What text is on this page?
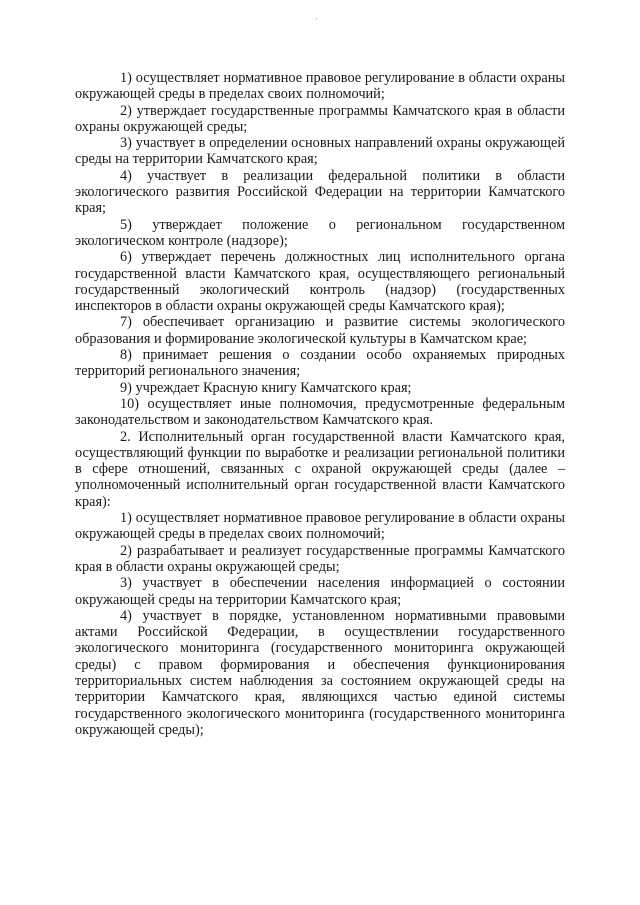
·

1) осуществляет нормативное правовое регулирование в области охраны окружающей среды в пределах своих полномочий;

2) утверждает государственные программы Камчатского края в области охраны окружающей среды;

3) участвует в определении основных направлений охраны окружающей среды на территории Камчатского края;

4) участвует в реализации федеральной политики в области экологического развития Российской Федерации на территории Камчатского края;

5) утверждает положение о региональном государственном экологическом контроле (надзоре);

6) утверждает перечень должностных лиц исполнительного органа государственной власти Камчатского края, осуществляющего региональный государственный экологический контроль (надзор) (государственных инспекторов в области охраны окружающей среды Камчатского края);

7) обеспечивает организацию и развитие системы экологического образования и формирование экологической культуры в Камчатском крае;

8) принимает решения о создании особо охраняемых природных территорий регионального значения;

9) учреждает Красную книгу Камчатского края;

10) осуществляет иные полномочия, предусмотренные федеральным законодательством и законодательством Камчатского края.

2. Исполнительный орган государственной власти Камчатского края, осуществляющий функции по выработке и реализации региональной политики в сфере отношений, связанных с охраной окружающей среды (далее – уполномоченный исполнительный орган государственной власти Камчатского края):

1) осуществляет нормативное правовое регулирование в области охраны окружающей среды в пределах своих полномочий;

2) разрабатывает и реализует государственные программы Камчатского края в области охраны окружающей среды;

3) участвует в обеспечении населения информацией о состоянии окружающей среды на территории Камчатского края;

4) участвует в порядке, установленном нормативными правовыми актами Российской Федерации, в осуществлении государственного экологического мониторинга (государственного мониторинга окружающей среды) с правом формирования и обеспечения функционирования территориальных систем наблюдения за состоянием окружающей среды на территории Камчатского края, являющихся частью единой системы государственного экологического мониторинга (государственного мониторинга окружающей среды);
